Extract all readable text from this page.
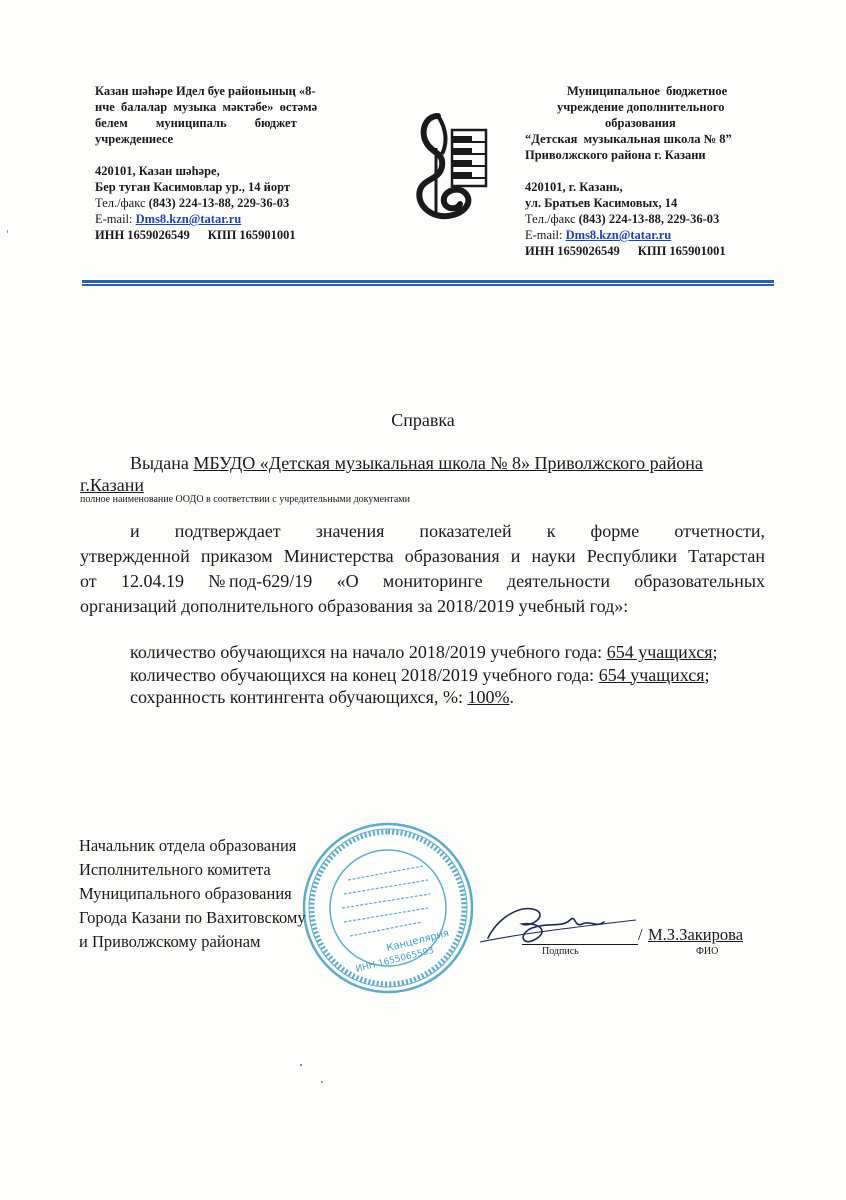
Казан шәһәре Идел буе районының «8-
нче  балалар  музыка  мәктәбе»  өстәмә
белем         муниципаль         бюджет
учреждениесе
420101, Казан шәһәре,
Бер туган Касимовлар ур., 14 йорт
Тел./факс (843) 224-13-88, 229-36-03
E-mail: Dms8.kzn@tatar.ru
ИНН 1659026549 КПП 165901001
Муниципальное  бюджетное
учреждение дополнительного
образования
“Детская  музыкальная школа № 8”
Приволжского района г. Казани
420101, г. Казань,
ул. Братьев Касимовых, 14
Тел./факс (843) 224-13-88, 229-36-03
E-mail: Dms8.kzn@tatar.ru
ИНН 1659026549 КПП 165901001
Справка
Выдана МБУДО «Детская музыкальная школа № 8» Приволжского района
г.Казани
полное наименование ООДО в соответствии с учредительными документами
и      подтверждает      значения      показателей      к      форме      отчетности,
утвержденной приказом Министерства образования и науки Республики Татарстан
от   12.04.19   №под-629/19   «О   мониторинге   деятельности   образовательных
организаций дополнительного образования за 2018/2019 учебный год»:
количество обучающихся на начало 2018/2019 учебного года: 654 учащихся;
количество обучающихся на конец 2018/2019 учебного года: 654 учащихся;
сохранность контингента обучающихся, %: 100%.
ИНН 1655065593
Канцелярия
Начальник отдела образования
Исполнительного комитета
Муниципального образования
Города Казани по Вахитовскому
и Приволжскому районам	/ М.З.Закирова
Подпись	ФИО
